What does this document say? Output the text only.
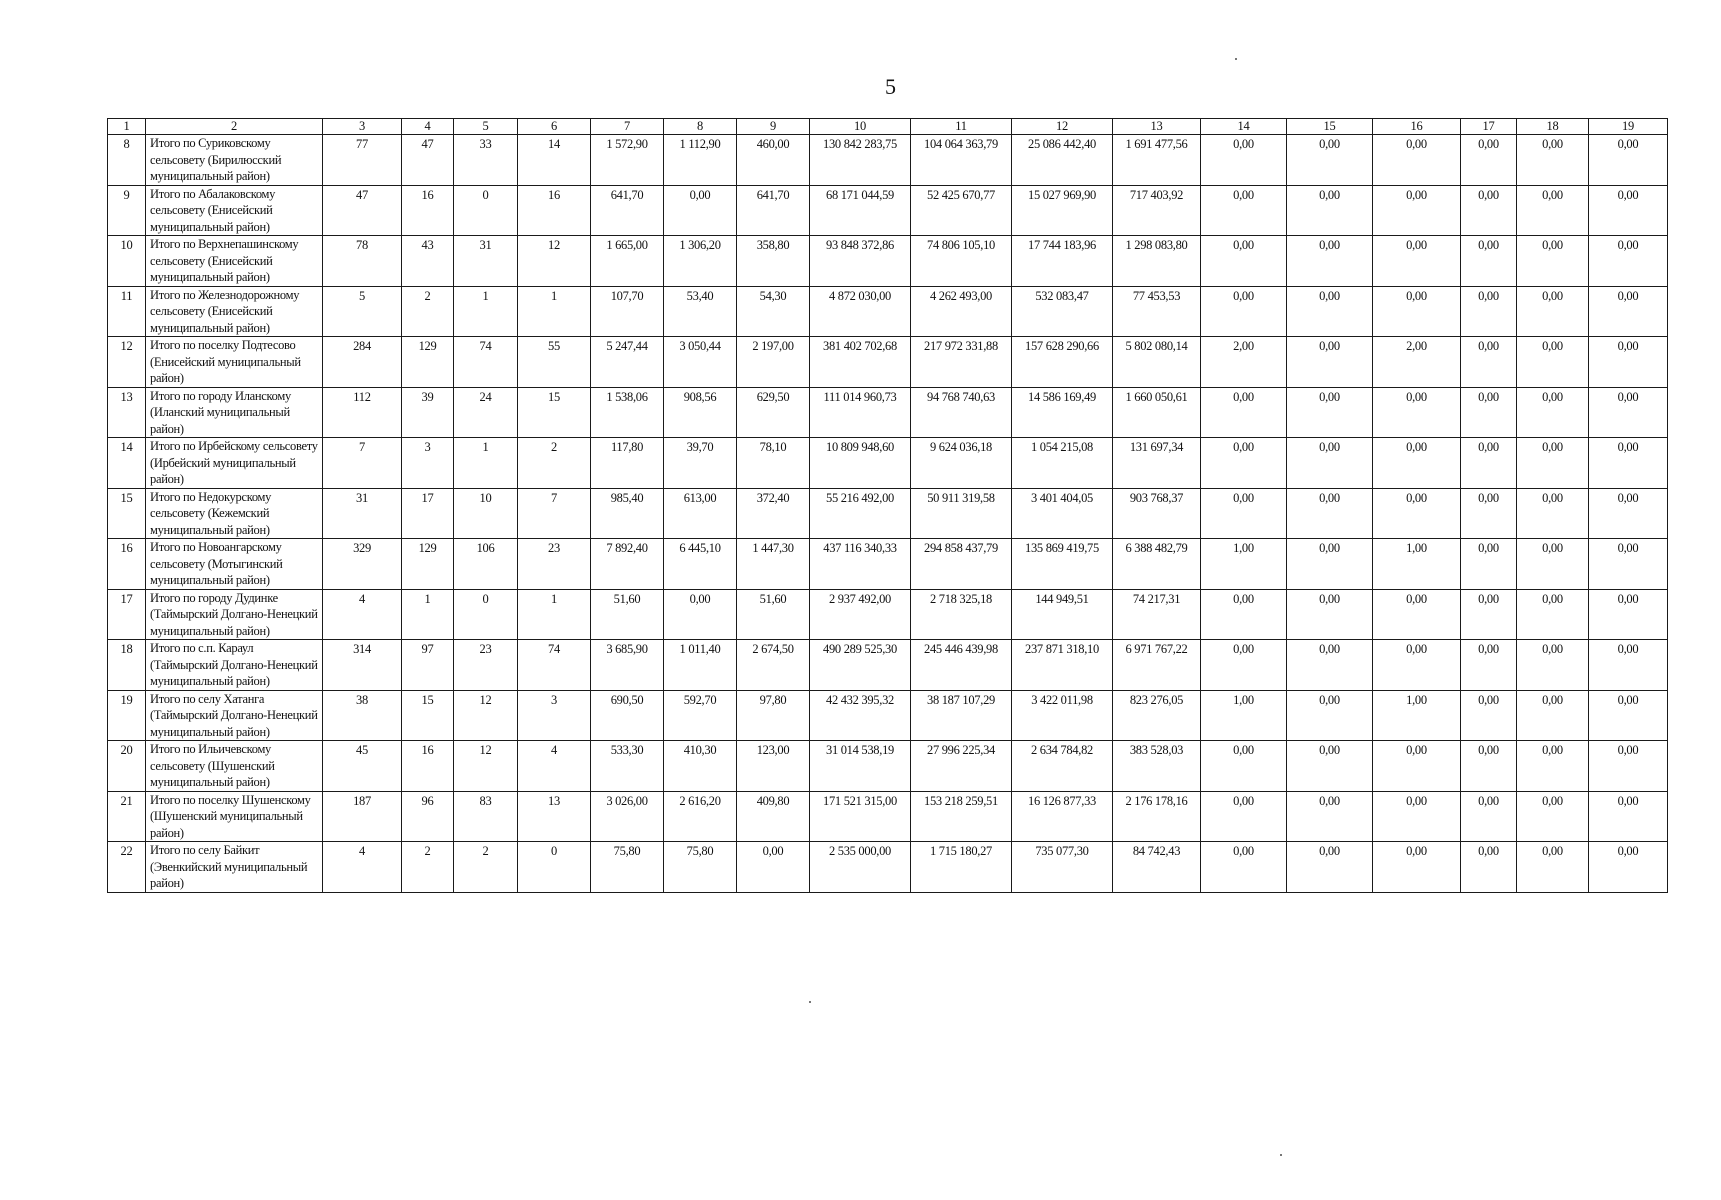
5
1	2	3	4	5	6	7	8	9	10	11	12	13	14	15	16	17	18	19
8	Итого по Суриковскому сельсовету (Бирилюсский муниципальный район)	77	47	33	14	1 572,90	1 112,90	460,00	130 842 283,75	104 064 363,79	25 086 442,40	1 691 477,56	0,00	0,00	0,00	0,00	0,00	0,00
9	Итого по Абалаковскому сельсовету (Енисейский муниципальный район)	47	16	0	16	641,70	0,00	641,70	68 171 044,59	52 425 670,77	15 027 969,90	717 403,92	0,00	0,00	0,00	0,00	0,00	0,00
10	Итого по Верхнепашинскому сельсовету (Енисейский муниципальный район)	78	43	31	12	1 665,00	1 306,20	358,80	93 848 372,86	74 806 105,10	17 744 183,96	1 298 083,80	0,00	0,00	0,00	0,00	0,00	0,00
11	Итого по Железнодорожному сельсовету (Енисейский муниципальный район)	5	2	1	1	107,70	53,40	54,30	4 872 030,00	4 262 493,00	532 083,47	77 453,53	0,00	0,00	0,00	0,00	0,00	0,00
12	Итого по поселку Подтесово (Енисейский муниципальный район)	284	129	74	55	5 247,44	3 050,44	2 197,00	381 402 702,68	217 972 331,88	157 628 290,66	5 802 080,14	2,00	0,00	2,00	0,00	0,00	0,00
13	Итого по городу Иланскому (Иланский муниципальный район)	112	39	24	15	1 538,06	908,56	629,50	111 014 960,73	94 768 740,63	14 586 169,49	1 660 050,61	0,00	0,00	0,00	0,00	0,00	0,00
14	Итого по Ирбейскому сельсовету (Ирбейский муниципальный район)	7	3	1	2	117,80	39,70	78,10	10 809 948,60	9 624 036,18	1 054 215,08	131 697,34	0,00	0,00	0,00	0,00	0,00	0,00
15	Итого по Недокурскому сельсовету (Кежемский муниципальный район)	31	17	10	7	985,40	613,00	372,40	55 216 492,00	50 911 319,58	3 401 404,05	903 768,37	0,00	0,00	0,00	0,00	0,00	0,00
16	Итого по Новоангарскому сельсовету (Мотыгинский муниципальный район)	329	129	106	23	7 892,40	6 445,10	1 447,30	437 116 340,33	294 858 437,79	135 869 419,75	6 388 482,79	1,00	0,00	1,00	0,00	0,00	0,00
17	Итого по городу Дудинке (Таймырский Долгано-Ненецкий муниципальный район)	4	1	0	1	51,60	0,00	51,60	2 937 492,00	2 718 325,18	144 949,51	74 217,31	0,00	0,00	0,00	0,00	0,00	0,00
18	Итого по с.п. Караул (Таймырский Долгано-Ненецкий муниципальный район)	314	97	23	74	3 685,90	1 011,40	2 674,50	490 289 525,30	245 446 439,98	237 871 318,10	6 971 767,22	0,00	0,00	0,00	0,00	0,00	0,00
19	Итого по селу Хатанга (Таймырский Долгано-Ненецкий муниципальный район)	38	15	12	3	690,50	592,70	97,80	42 432 395,32	38 187 107,29	3 422 011,98	823 276,05	1,00	0,00	1,00	0,00	0,00	0,00
20	Итого по Ильичевскому сельсовету (Шушенский муниципальный район)	45	16	12	4	533,30	410,30	123,00	31 014 538,19	27 996 225,34	2 634 784,82	383 528,03	0,00	0,00	0,00	0,00	0,00	0,00
21	Итого по поселку Шушенскому (Шушенский муниципальный район)	187	96	83	13	3 026,00	2 616,20	409,80	171 521 315,00	153 218 259,51	16 126 877,33	2 176 178,16	0,00	0,00	0,00	0,00	0,00	0,00
22	Итого по селу Байкит (Эвенкийский муниципальный район)	4	2	2	0	75,80	75,80	0,00	2 535 000,00	1 715 180,27	735 077,30	84 742,43	0,00	0,00	0,00	0,00	0,00	0,00
